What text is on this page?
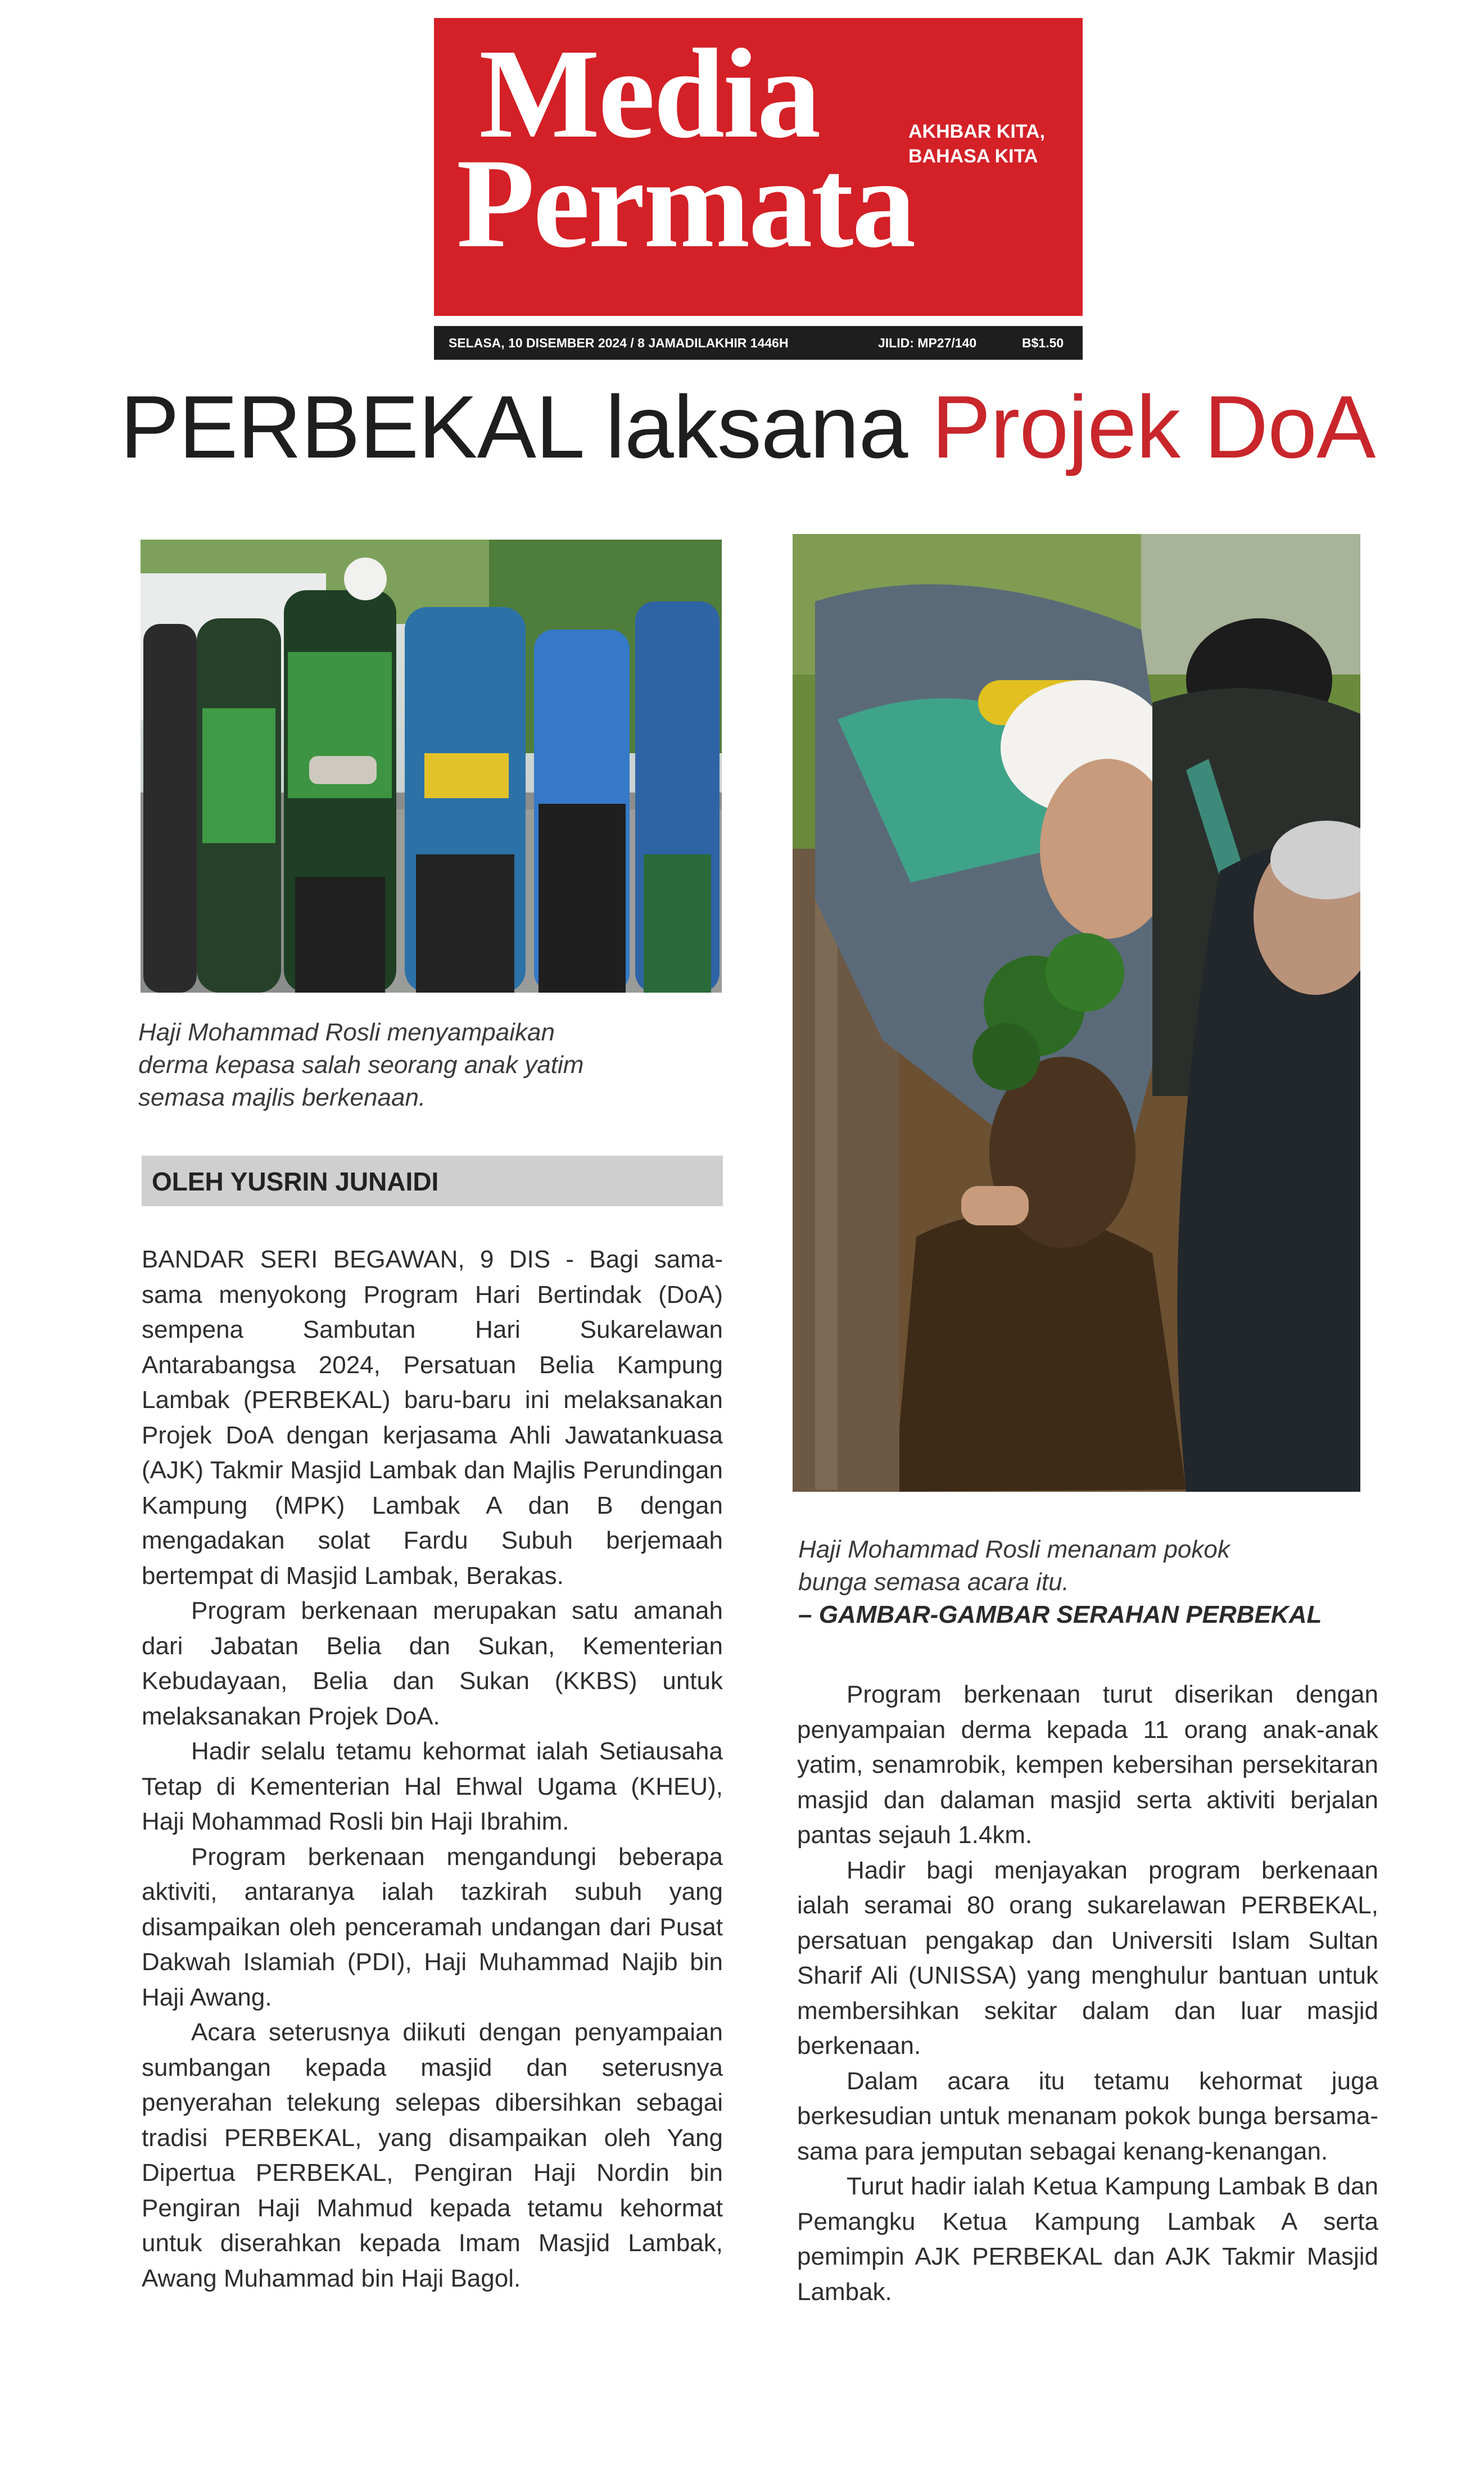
Media
Permata
AKHBAR KITA,
BAHASA KITA
SELASA, 10 DISEMBER 2024 / 8 JAMADILAKHIR 1446H	JILID: MP27/140	B$1.50
PERBEKAL laksana Projek DoA
Haji Mohammad Rosli menyampaikan
derma kepasa salah seorang anak yatim
semasa majlis berkenaan.
Haji Mohammad Rosli menanam pokok
bunga semasa acara itu.
– GAMBAR-GAMBAR SERAHAN PERBEKAL
OLEH YUSRIN JUNAIDI

BANDAR SERI BEGAWAN, 9 DIS - Bagi sama-sama menyokong Program Hari Bertindak (DoA) sempena Sambutan Hari Sukarelawan Antarabangsa 2024, Persatuan Belia Kampung Lambak (PERBEKAL) baru-baru ini melaksanakan Projek DoA dengan kerjasama Ahli Jawatankuasa (AJK) Takmir Masjid Lambak dan Majlis Perundingan Kampung (MPK) Lambak A dan B dengan mengadakan solat Fardu Subuh berjemaah bertempat di Masjid Lambak, Berakas.

Program berkenaan merupakan satu amanah dari Jabatan Belia dan Sukan, Kementerian Kebudayaan, Belia dan Sukan (KKBS) untuk melaksanakan Projek DoA.

Hadir selalu tetamu kehormat ialah Setiausaha Tetap di Kementerian Hal Ehwal Ugama (KHEU), Haji Mohammad Rosli bin Haji Ibrahim.

Program berkenaan mengandungi beberapa aktiviti, antaranya ialah tazkirah subuh yang disampaikan oleh penceramah undangan dari Pusat Dakwah Islamiah (PDI), Haji Muhammad Najib bin Haji Awang.

Acara seterusnya diikuti dengan penyampaian sumbangan kepada masjid dan seterusnya penyerahan telekung selepas dibersihkan sebagai tradisi PERBEKAL, yang disampaikan oleh Yang Dipertua PERBEKAL, Pengiran Haji Nordin bin Pengiran Haji Mahmud kepada tetamu kehormat untuk diserahkan kepada Imam Masjid Lambak, Awang Muhammad bin Haji Bagol.

Program berkenaan turut diserikan dengan penyampaian derma kepada 11 orang anak-anak yatim, senamrobik, kempen kebersihan persekitaran masjid dan dalaman masjid serta aktiviti berjalan pantas sejauh 1.4km.

Hadir bagi menjayakan program berkenaan ialah seramai 80 orang sukarelawan PERBEKAL, persatuan pengakap dan Universiti Islam Sultan Sharif Ali (UNISSA) yang menghulur bantuan untuk membersihkan sekitar dalam dan luar masjid berkenaan.

Dalam acara itu tetamu kehormat juga berkesudian untuk menanam pokok bunga bersama-sama para jemputan sebagai kenang-kenangan.

Turut hadir ialah Ketua Kampung Lambak B dan Pemangku Ketua Kampung Lambak A serta pemimpin AJK PERBEKAL dan AJK Takmir Masjid Lambak.
